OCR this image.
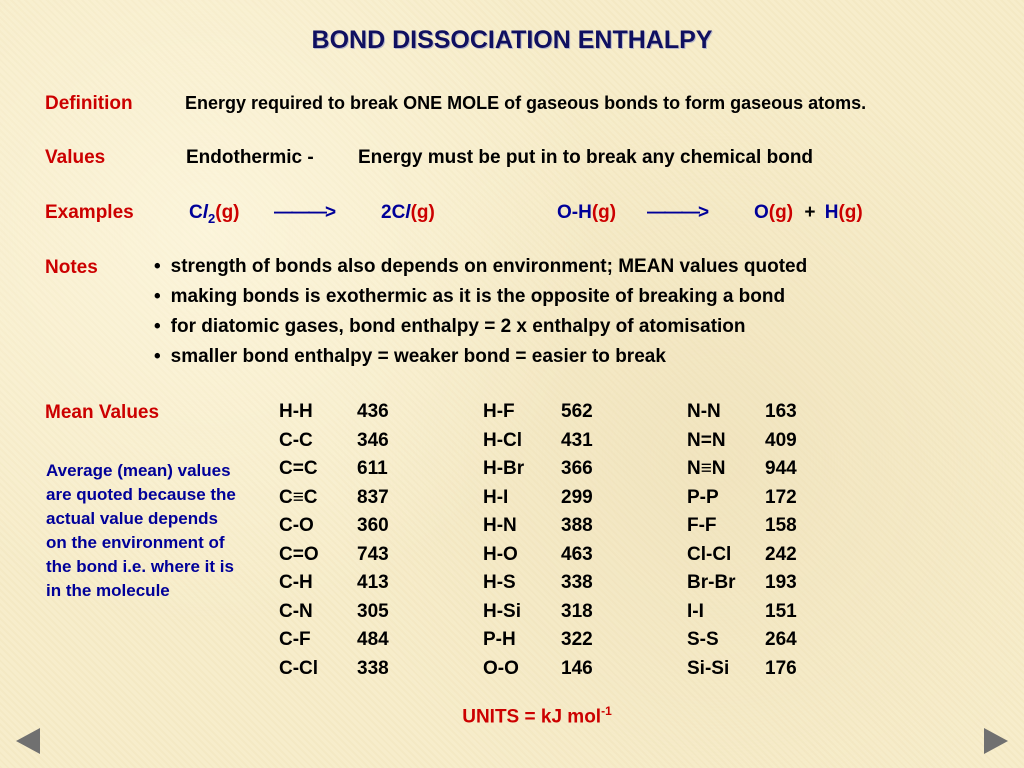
BOND DISSOCIATION ENTHALPY
Definition	Energy required to break ONE MOLE of gaseous bonds to form gaseous atoms.
Values	Endothermic - Energy must be put in to break any chemical bond
Examples	$Cl_2(g)$ ———> 2Cl(g)	O-H(g) ———> O(g) + H(g)
Notes	• strength of bonds also depends on environment; MEAN values quoted
• making bonds is exothermic as it is the opposite of breaking a bond
• for diatomic gases, bond enthalpy = 2 x enthalpy of atomisation
• smaller bond enthalpy = weaker bond = easier to break
Mean Values
Average (mean) values are quoted because the actual value depends on the environment of the bond i.e. where it is in the molecule
H-H	436	H-F	562	N-N	163
C-C	346	H-Cl	431	N=N	409
C=C	611	H-Br	366	N≡N	944
C≡C	837	H-I	299	P-P	172
C-O	360	H-N	388	F-F	158
C=O	743	H-O	463	Cl-Cl	242
C-H	413	H-S	338	Br-Br	193
C-N	305	H-Si	318	I-I	151
C-F	484	P-H	322	S-S	264
C-Cl	338	O-O	146	Si-Si	176
UNITS = kJ mol$^{-1}$
